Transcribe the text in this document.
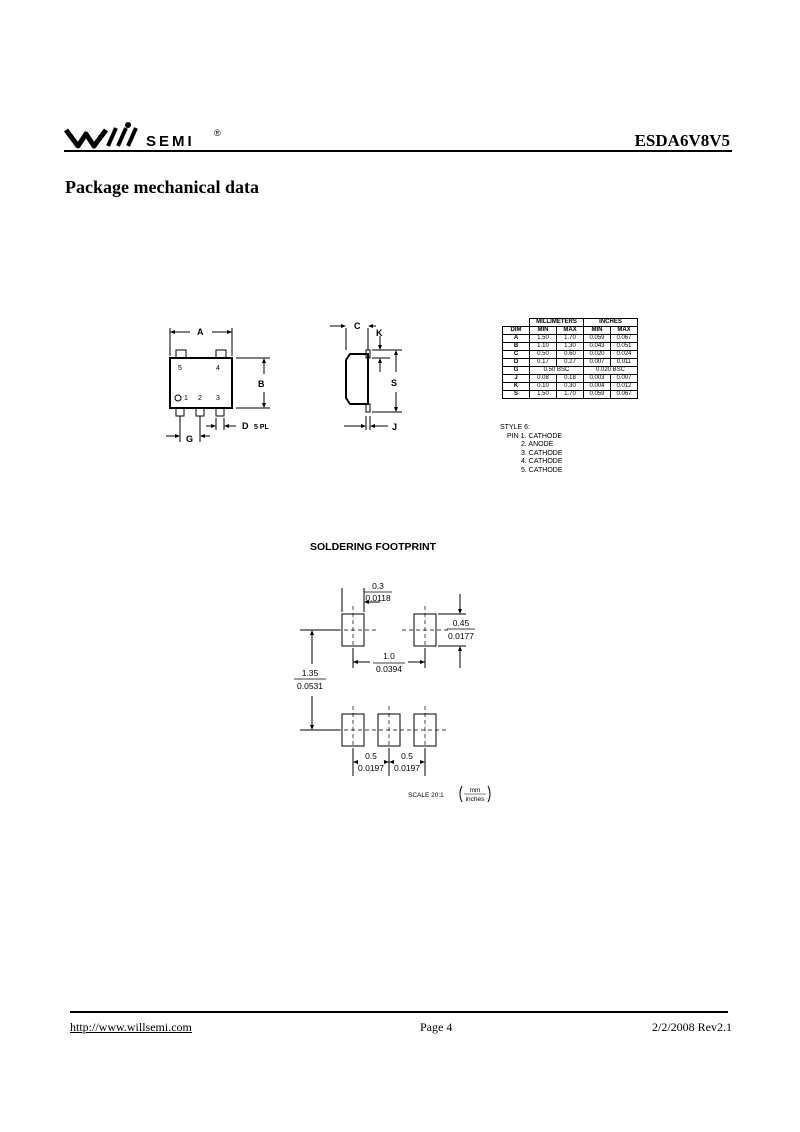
SEMI ®	ESDA6V8V5
Package mechanical data
A
B
G
D 5 PL
5	4
1 2 3
C
K
S
J
	MILLIMETERS		INCHES	
DIM	MIN	MAX	MIN	MAX
A	1.50	1.70	0.059	0.067
B	1.10	1.30	0.043	0.051
C	0.50	0.60	0.020	0.024
D	0.17	0.27	0.007	0.011
G	0.50 BSC		0.020 BSC	
J	0.08	0.18	0.003	0.007
K	0.10	0.30	0.004	0.012
S	1.50	1.70	0.059	0.067
STYLE 6:
PIN 1. CATHODE
2. ANODE
3. CATHODE
4. CATHODE
5. CATHODE
SOLDERING FOOTPRINT
0.3
0.0118
0.45
0.0177
1.0
0.0394
1.35
0.0531
0.5
0.0197
0.5
0.0197
SCALE 20:1
mm
inches
http://www.willsemi.com	Page 4	2/2/2008 Rev2.1
